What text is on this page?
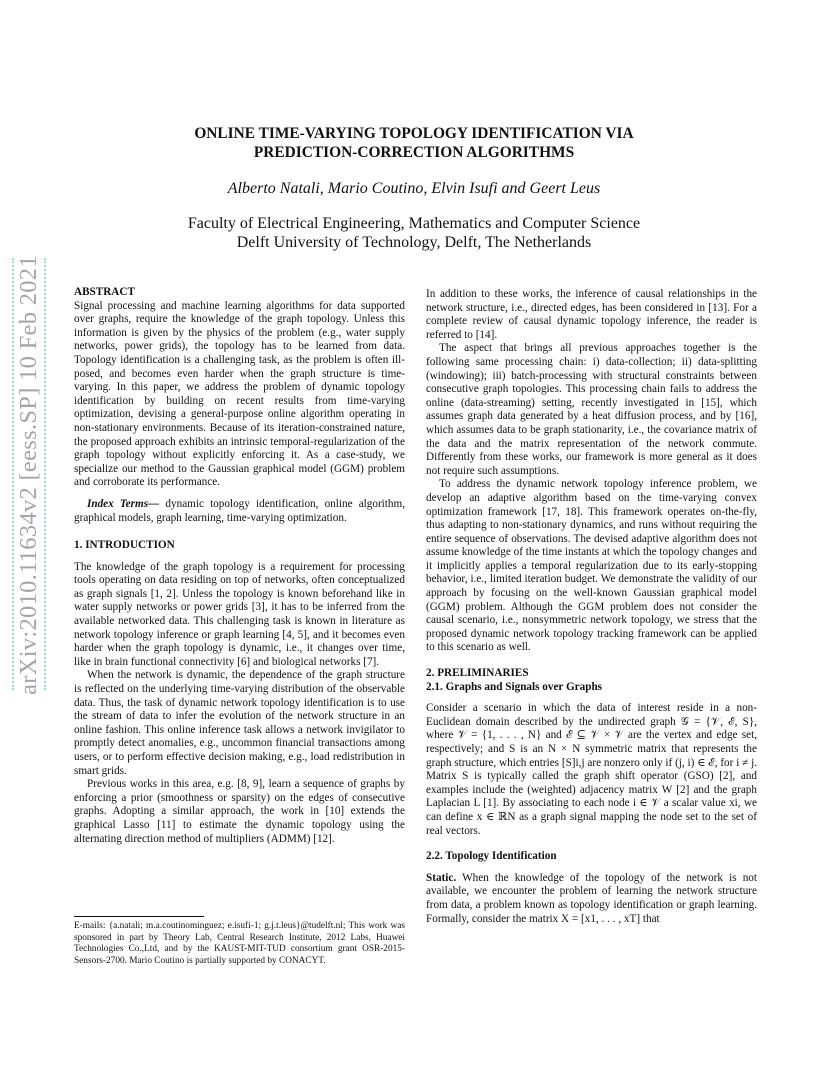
arXiv:2010.11634v2 [eess.SP] 10 Feb 2021
ONLINE TIME-VARYING TOPOLOGY IDENTIFICATION VIA
PREDICTION-CORRECTION ALGORITHMS
Alberto Natali, Mario Coutino, Elvin Isufi and Geert Leus
Faculty of Electrical Engineering, Mathematics and Computer Science
Delft University of Technology, Delft, The Netherlands

ABSTRACT

Signal processing and machine learning algorithms for data supported over graphs, require the knowledge of the graph topology. Unless this information is given by the physics of the problem (e.g., water supply networks, power grids), the topology has to be learned from data. Topology identification is a challenging task, as the problem is often ill-posed, and becomes even harder when the graph structure is time-varying. In this paper, we address the problem of dynamic topology identification by building on recent results from time-varying optimization, devising a general-purpose online algorithm operating in non-stationary environments. Because of its iteration-constrained nature, the proposed approach exhibits an intrinsic temporal-regularization of the graph topology without explicitly enforcing it. As a case-study, we specialize our method to the Gaussian graphical model (GGM) problem and corroborate its performance.

Index Terms— dynamic topology identification, online algorithm, graphical models, graph learning, time-varying optimization.

1. INTRODUCTION

The knowledge of the graph topology is a requirement for processing tools operating on data residing on top of networks, often conceptualized as graph signals [1, 2]. Unless the topology is known beforehand like in water supply networks or power grids [3], it has to be inferred from the available networked data. This challenging task is known in literature as network topology inference or graph learning [4, 5], and it becomes even harder when the graph topology is dynamic, i.e., it changes over time, like in brain functional connectivity [6] and biological networks [7].

When the network is dynamic, the dependence of the graph structure is reflected on the underlying time-varying distribution of the observable data. Thus, the task of dynamic network topology identification is to use the stream of data to infer the evolution of the network structure in an online fashion. This online inference task allows a network invigilator to promptly detect anomalies, e.g., uncommon financial transactions among users, or to perform effective decision making, e.g., load redistribution in smart grids.

Previous works in this area, e.g. [8, 9], learn a sequence of graphs by enforcing a prior (smoothness or sparsity) on the edges of consecutive graphs. Adopting a similar approach, the work in [10] extends the graphical Lasso [11] to estimate the dynamic topology using the alternating direction method of multipliers (ADMM) [12].

E-mails: {a.natali; m.a.coutinominguez; e.isufi-1; g.j.t.leus}@tudelft.nl; This work was sponsored in part by Theory Lab, Central Research Institute, 2012 Labs, Huawei Technologies Co.,Ltd, and by the KAUST-MIT-TUD consortium grant OSR-2015-Sensors-2700. Mario Coutino is partially supported by CONACYT.

In addition to these works, the inference of causal relationships in the network structure, i.e., directed edges, has been considered in [13]. For a complete review of causal dynamic topology inference, the reader is referred to [14].

The aspect that brings all previous approaches together is the following same processing chain: i) data-collection; ii) data-splitting (windowing); iii) batch-processing with structural constraints between consecutive graph topologies. This processing chain fails to address the online (data-streaming) setting, recently investigated in [15], which assumes graph data generated by a heat diffusion process, and by [16], which assumes data to be graph stationarity, i.e., the covariance matrix of the data and the matrix representation of the network commute. Differently from these works, our framework is more general as it does not require such assumptions.

To address the dynamic network topology inference problem, we develop an adaptive algorithm based on the time-varying convex optimization framework [17, 18]. This framework operates on-the-fly, thus adapting to non-stationary dynamics, and runs without requiring the entire sequence of observations. The devised adaptive algorithm does not assume knowledge of the time instants at which the topology changes and it implicitly applies a temporal regularization due to its early-stopping behavior, i.e., limited iteration budget. We demonstrate the validity of our approach by focusing on the well-known Gaussian graphical model (GGM) problem. Although the GGM problem does not consider the causal scenario, i.e., nonsymmetric network topology, we stress that the proposed dynamic network topology tracking framework can be applied to this scenario as well.

2. PRELIMINARIES

2.1. Graphs and Signals over Graphs

Consider a scenario in which the data of interest reside in a non-Euclidean domain described by the undirected graph 𝒢 = {𝒱, ℰ, S}, where 𝒱 = {1, . . . , N} and ℰ ⊆ 𝒱 × 𝒱 are the vertex and edge set, respectively; and S is an N × N symmetric matrix that represents the graph structure, which entries [S]i,j are nonzero only if (j, i) ∈ ℰ, for i ≠ j. Matrix S is typically called the graph shift operator (GSO) [2], and examples include the (weighted) adjacency matrix W [2] and the graph Laplacian L [1]. By associating to each node i ∈ 𝒱 a scalar value xi, we can define x ∈ ℝN as a graph signal mapping the node set to the set of real vectors.

2.2. Topology Identification

Static. When the knowledge of the topology of the network is not available, we encounter the problem of learning the network structure from data, a problem known as topology identification or graph learning. Formally, consider the matrix X = [x1, . . . , xT] that
